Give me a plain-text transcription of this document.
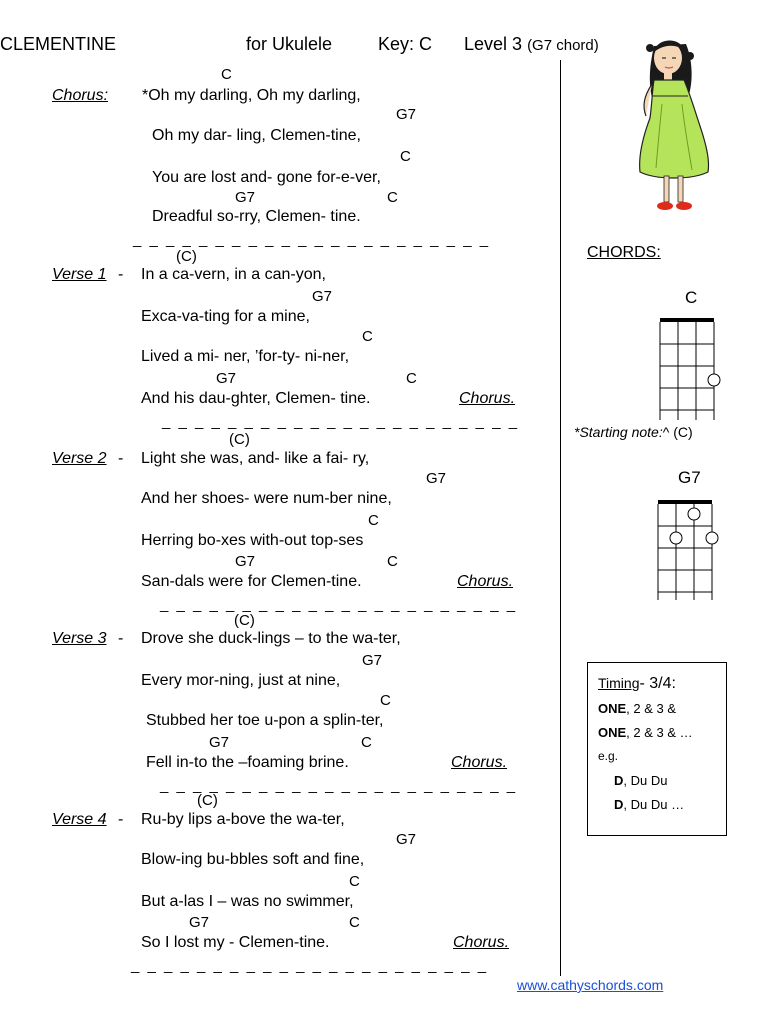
CLEMENTINE	for Ukulele	Key: C Level 3 (G7 chord)
C
Chorus: *Oh my darling, Oh my darling,
G7
Oh my dar- ling, Clemen-tine,
C
You are lost and- gone for-e-ver,
G7	C
Dreadful so-rry, Clemen- tine.
_ _ _ _ _ _ _ _ _ _ _ _ _ _ _ _ _ _ _ _ _ _
(C)
Verse 1 - In a ca-vern, in a can-yon,
G7
Exca-va-ting for a mine,
C
Lived a mi- ner, ’for-ty- ni-ner,
G7	C
And his dau-ghter, Clemen- tine.	Chorus.
_ _ _ _ _ _ _ _ _ _ _ _ _ _ _ _ _ _ _ _ _ _
(C)
Verse 2 - Light she was, and- like a fai- ry,
G7
And her shoes- were num-ber nine,
C
Herring bo-xes with-out top-ses
G7	C
San-dals were for Clemen-tine.	Chorus.
_ _ _ _ _ _ _ _ _ _ _ _ _ _ _ _ _ _ _ _ _ _
(C)
Verse 3 - Drove she duck-lings – to the wa-ter,
G7
Every mor-ning, just at nine,
C
Stubbed her toe u-pon a splin-ter,
G7	C
Fell in-to the –foaming brine.	Chorus.
_ _ _ _ _ _ _ _ _ _ _ _ _ _ _ _ _ _ _ _ _ _
(C)
Verse 4 - Ru-by lips a-bove the wa-ter,
G7
Blow-ing bu-bbles soft and fine,
C
But a-las I – was no swimmer,
G7	C
So I lost my - Clemen-tine.	Chorus.
_ _ _ _ _ _ _ _ _ _ _ _ _ _ _ _ _ _ _ _ _ _
CHORDS:
C
*Starting note:^ (C)
G7
Timing- 3/4:
ONE, 2 & 3 &
ONE, 2 & 3 & …
e.g.
D, Du Du
D, Du Du …
www.cathyschords.com
